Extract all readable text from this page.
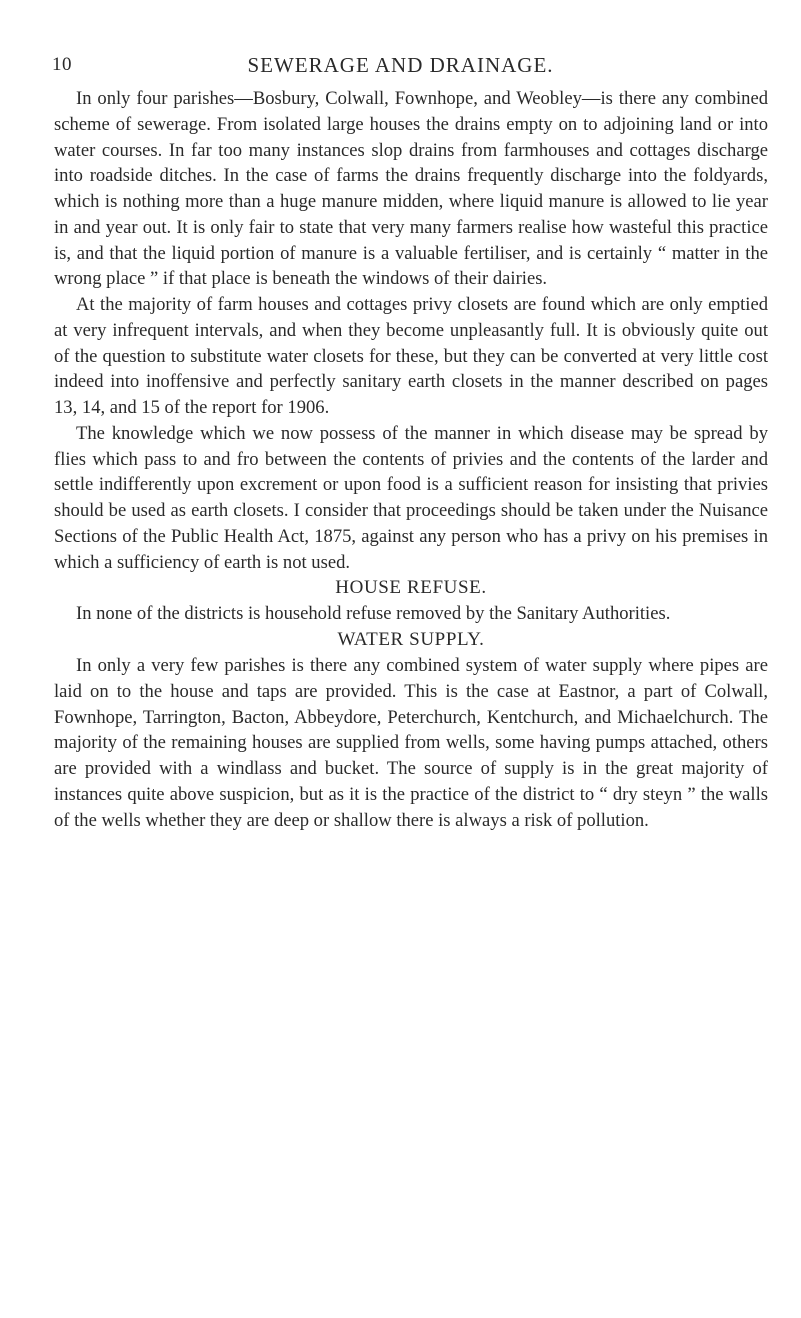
10	SEWERAGE AND DRAINAGE.

In only four parishes—Bosbury, Colwall, Fownhope, and Weobley—is there any combined scheme of sewerage. From isolated large houses the drains empty on to adjoining land or into water courses. In far too many instances slop drains from farmhouses and cottages discharge into roadside ditches. In the case of farms the drains frequently discharge into the foldyards, which is nothing more than a huge manure midden, where liquid manure is allowed to lie year in and year out. It is only fair to state that very many farmers realise how wasteful this practice is, and that the liquid portion of manure is a valuable fertiliser, and is certainly “ matter in the wrong place ” if that place is beneath the windows of their dairies.

At the majority of farm houses and cottages privy closets are found which are only emptied at very infrequent intervals, and when they become unpleasantly full. It is obviously quite out of the question to substitute water closets for these, but they can be converted at very little cost indeed into inoffensive and perfectly sanitary earth closets in the manner described on pages 13, 14, and 15 of the report for 1906.

The knowledge which we now possess of the manner in which disease may be spread by flies which pass to and fro between the contents of privies and the contents of the larder and settle indifferently upon excrement or upon food is a sufficient reason for insisting that privies should be used as earth closets. I consider that proceedings should be taken under the Nuisance Sections of the Public Health Act, 1875, against any person who has a privy on his premises in which a sufficiency of earth is not used.

HOUSE REFUSE.

In none of the districts is household refuse removed by the Sanitary Authorities.

WATER SUPPLY.

In only a very few parishes is there any combined system of water supply where pipes are laid on to the house and taps are provided. This is the case at Eastnor, a part of Colwall, Fownhope, Tarrington, Bacton, Abbeydore, Peterchurch, Kentchurch, and Michaelchurch. The majority of the remaining houses are supplied from wells, some having pumps attached, others are provided with a windlass and bucket. The source of supply is in the great majority of instances quite above suspicion, but as it is the practice of the district to “ dry steyn ” the walls of the wells whether they are deep or shallow there is always a risk of pollution.
